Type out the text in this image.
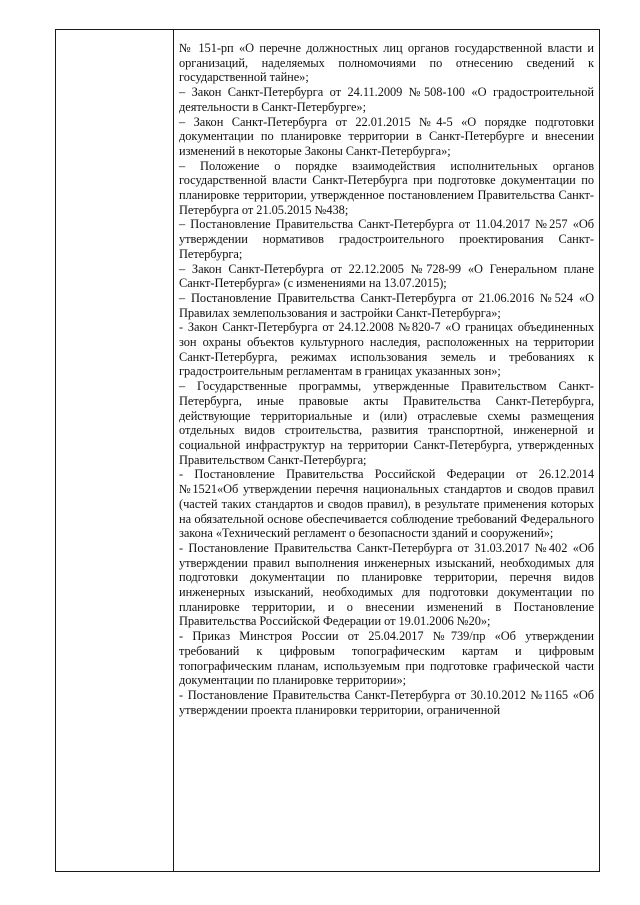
№ 151-рп «О перечне должностных лиц органов государственной власти и организаций, наделяемых полномочиями по отнесению сведений к государственной тайне»;

– Закон Санкт-Петербурга от 24.11.2009 №508-100 «О градостроительной деятельности в Санкт-Петербурге»;

– Закон Санкт-Петербурга от 22.01.2015 №4-5 «О порядке подготовки документации по планировке территории в Санкт-Петербурге и внесении изменений в некоторые Законы Санкт-Петербурга»;

– Положение о порядке взаимодействия исполнительных органов государственной власти Санкт-Петербурга при подготовке документации по планировке территории, утвержденное постановлением Правительства Санкт-Петербурга от 21.05.2015 №438;

– Постановление Правительства Санкт-Петербурга от 11.04.2017 №257 «Об утверждении нормативов градостроительного проектирования Санкт-Петербурга;

– Закон Санкт-Петербурга от 22.12.2005 №728-99 «О Генеральном плане Санкт-Петербурга» (с изменениями на 13.07.2015);

– Постановление Правительства Санкт-Петербурга от 21.06.2016 №524 «О Правилах землепользования и застройки Санкт-Петербурга»;

- Закон Санкт-Петербурга от 24.12.2008 №820-7 «О границах объединенных зон охраны объектов культурного наследия, расположенных на территории Санкт-Петербурга, режимах использования земель и требованиях к градостроительным регламентам в границах указанных зон»;

– Государственные программы, утвержденные Правительством Санкт-Петербурга, иные правовые акты Правительства Санкт-Петербурга, действующие территориальные и (или) отраслевые схемы размещения отдельных видов строительства, развития транспортной, инженерной и социальной инфраструктур на территории Санкт-Петербурга, утвержденных Правительством Санкт-Петербурга;

- Постановление Правительства Российской Федерации от 26.12.2014 №1521«Об утверждении перечня национальных стандартов и сводов правил (частей таких стандартов и сводов правил), в результате применения которых на обязательной основе обеспечивается соблюдение требований Федерального закона «Технический регламент о безопасности зданий и сооружений»;

- Постановление Правительства Санкт-Петербурга от 31.03.2017 №402 «Об утверждении правил выполнения инженерных изысканий, необходимых для подготовки документации по планировке территории, перечня видов инженерных изысканий, необходимых для подготовки документации по планировке территории, и о внесении изменений в Постановление Правительства Российской Федерации от 19.01.2006 №20»;

- Приказ Минстроя России от 25.04.2017 №739/пр «Об утверждении требований к цифровым топографическим картам и цифровым топографическим планам, используемым при подготовке графической части документации по планировке территории»;

- Постановление Правительства Санкт-Петербурга от 30.10.2012 №1165 «Об утверждении проекта планировки территории, ограниченной
